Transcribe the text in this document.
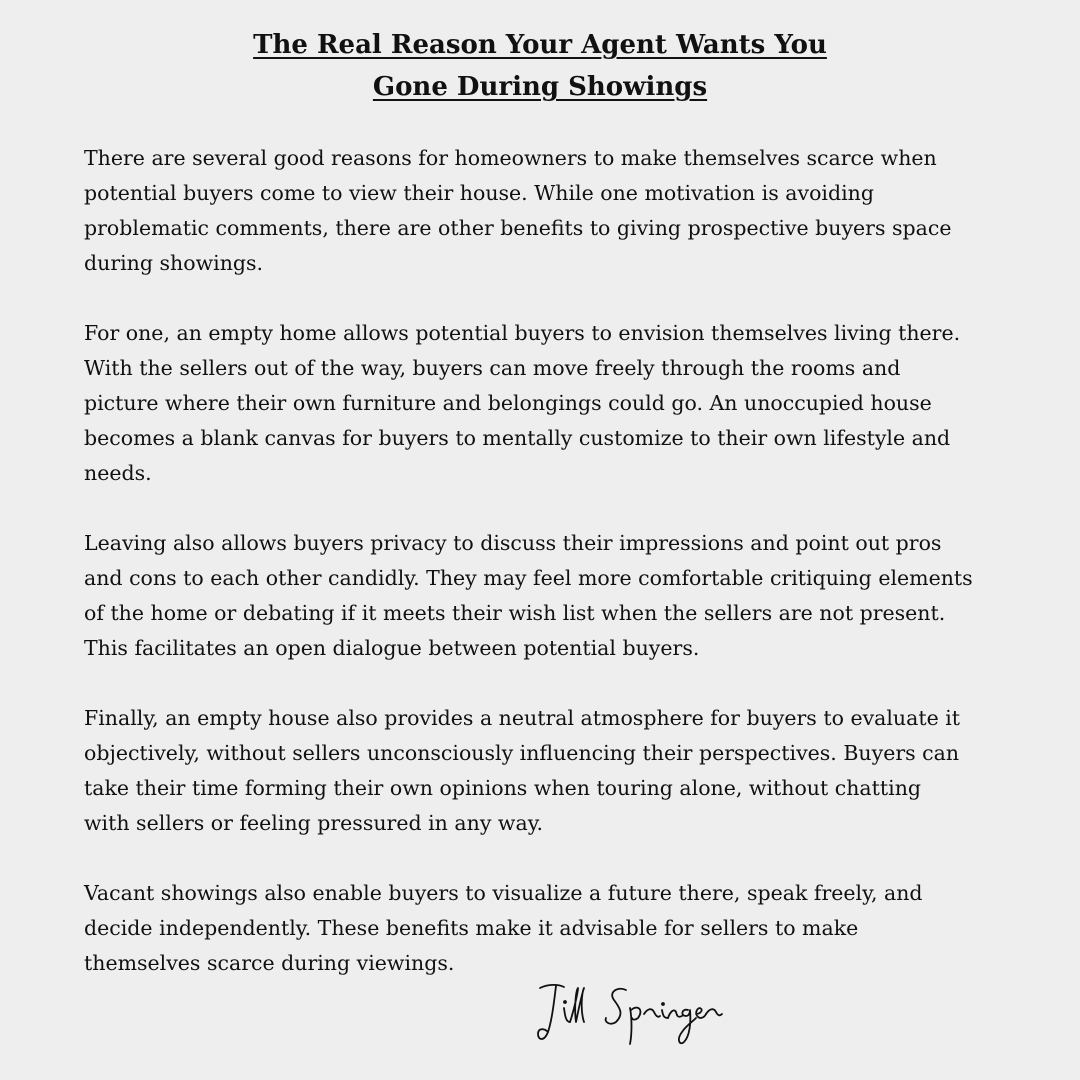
The Real Reason Your Agent Wants You
Gone During Showings

There are several good reasons for homeowners to make themselves scarce when
potential buyers come to view their house. While one motivation is avoiding
problematic comments, there are other benefits to giving prospective buyers space
during showings.

For one, an empty home allows potential buyers to envision themselves living there.
With the sellers out of the way, buyers can move freely through the rooms and
picture where their own furniture and belongings could go. An unoccupied house
becomes a blank canvas for buyers to mentally customize to their own lifestyle and
needs.

Leaving also allows buyers privacy to discuss their impressions and point out pros
and cons to each other candidly. They may feel more comfortable critiquing elements
of the home or debating if it meets their wish list when the sellers are not present.
This facilitates an open dialogue between potential buyers.

Finally, an empty house also provides a neutral atmosphere for buyers to evaluate it
objectively, without sellers unconsciously influencing their perspectives. Buyers can
take their time forming their own opinions when touring alone, without chatting
with sellers or feeling pressured in any way.

Vacant showings also enable buyers to visualize a future there, speak freely, and
decide independently. These benefits make it advisable for sellers to make
themselves scarce during viewings.
